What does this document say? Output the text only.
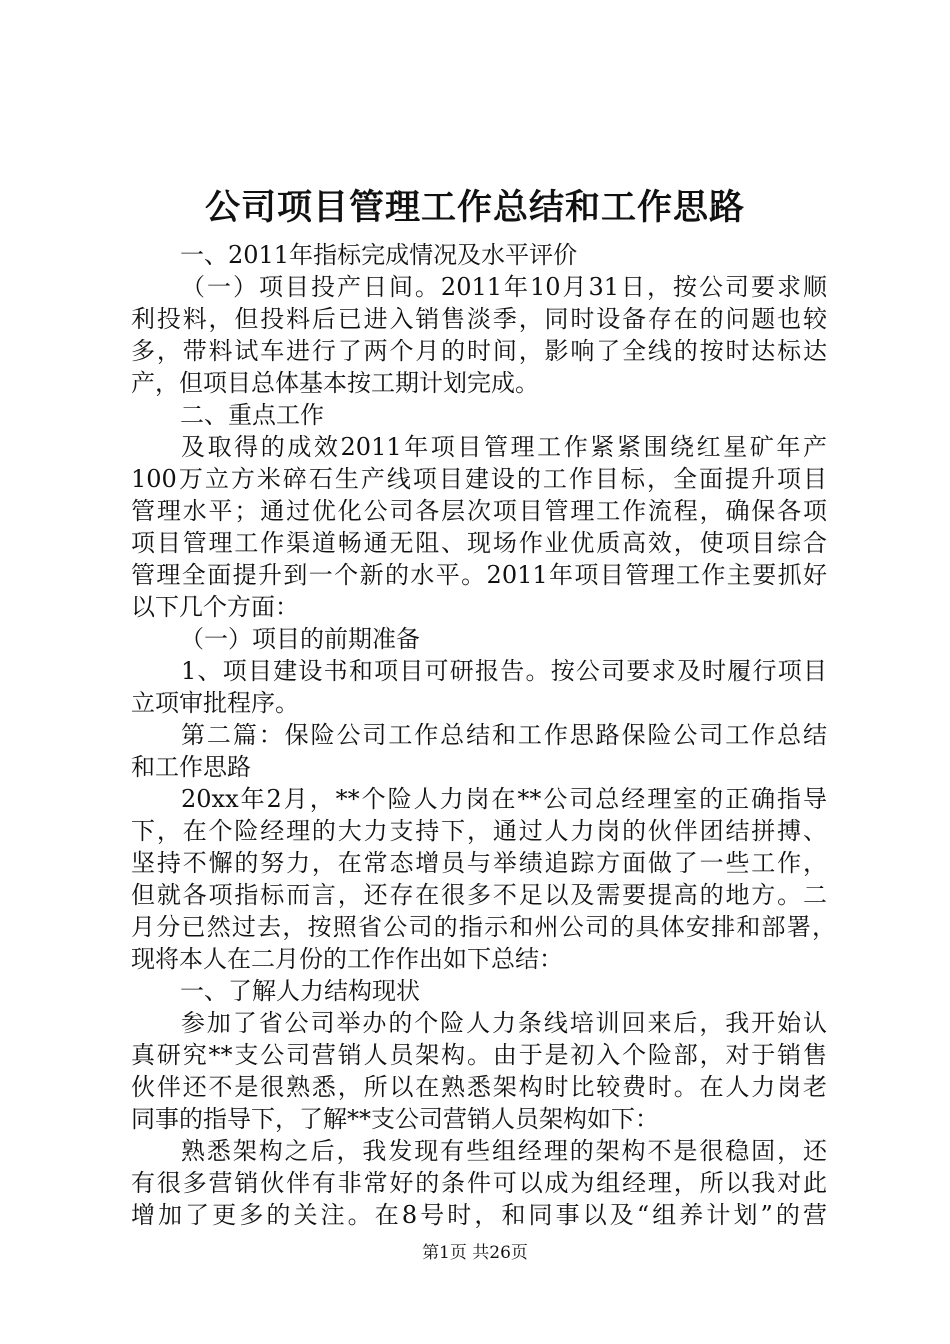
公司项目管理工作总结和工作思路
一、2011年指标完成情况及水平评价
（一）项目投产日间。2011年10月31日，按公司要求顺
利投料，但投料后已进入销售淡季，同时设备存在的问题也较
多，带料试车进行了两个月的时间，影响了全线的按时达标达
产，但项目总体基本按工期计划完成。
二、重点工作
及取得的成效2011年项目管理工作紧紧围绕红星矿年产
100万立方米碎石生产线项目建设的工作目标，全面提升项目
管理水平；通过优化公司各层次项目管理工作流程，确保各项
项目管理工作渠道畅通无阻、现场作业优质高效，使项目综合
管理全面提升到一个新的水平。2011年项目管理工作主要抓好
以下几个方面：
（一）项目的前期准备
1、项目建设书和项目可研报告。按公司要求及时履行项目
立项审批程序。
第二篇：保险公司工作总结和工作思路保险公司工作总结
和工作思路
20xx年2月，**个险人力岗在**公司总经理室的正确指导
下，在个险经理的大力支持下，通过人力岗的伙伴团结拼搏、
坚持不懈的努力，在常态增员与举绩追踪方面做了一些工作，
但就各项指标而言，还存在很多不足以及需要提高的地方。二
月分已然过去，按照省公司的指示和州公司的具体安排和部署，
现将本人在二月份的工作作出如下总结：
一、了解人力结构现状
参加了省公司举办的个险人力条线培训回来后，我开始认
真研究**支公司营销人员架构。由于是初入个险部，对于销售
伙伴还不是很熟悉，所以在熟悉架构时比较费时。在人力岗老
同事的指导下，了解**支公司营销人员架构如下：
熟悉架构之后，我发现有些组经理的架构不是很稳固，还
有很多营销伙伴有非常好的条件可以成为组经理，所以我对此
增加了更多的关注。在8号时，和同事以及“组养计划”的营
第1页 共26页
